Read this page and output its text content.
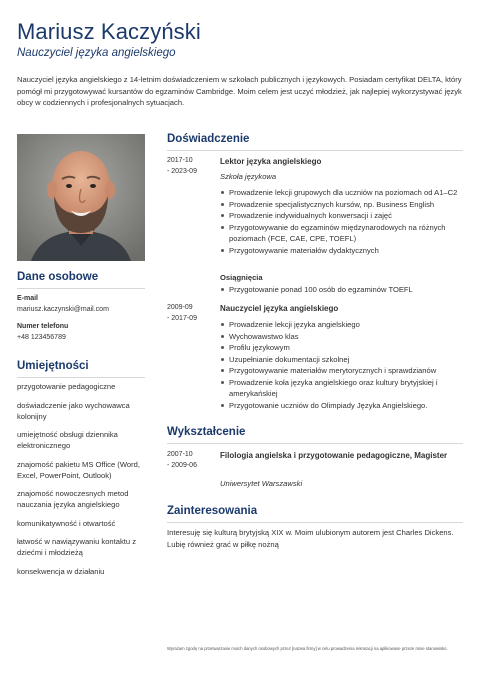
Mariusz Kaczyński
Nauczyciel języka angielskiego

Nauczyciel języka angielskiego z 14-letnim doświadczeniem w szkołach publicznych i językowych. Posiadam certyfikat DELTA, który pomógł mi przygotowywać kursantów do egzaminów Cambridge. Moim celem jest uczyć młodzież, jak najlepiej wykorzystywać język obcy w codziennych i profesjonalnych sytuacjach.

Dane osobowe
E-mail
mariusz.kaczynski@mail.com
Numer telefonu
+48 123456789
Umiejętności
przygotowanie pedagogiczne
doświadczenie jako wychowawca kolonijny
umiejętność obsługi dziennika elektronicznego
znajomość pakietu MS Office (Word, Excel, PowerPoint, Outlook)
znajomość nowoczesnych metod nauczania języka angielskiego
komunikatywność i otwartość
łatwość w nawiązywaniu kontaktu z dziećmi i młodzieżą
konsekwencja w działaniu
Doświadczenie
2017-10
- 2023-09
Lektor języka angielskiego
Szkoła językowa
Prowadzenie lekcji grupowych dla uczniów na poziomach od A1–C2
Prowadzenie specjalistycznych kursów, np. Business English
Prowadzenie indywidualnych konwersacji i zajęć
Przygotowywanie do egzaminów międzynarodowych na różnych poziomach (FCE, CAE, CPE, TOEFL)
Przygotowywanie materiałów dydaktycznych
Osiągnięcia
Przygotowanie ponad 100 osób do egzaminów TOEFL
2009-09
- 2017-09
Nauczyciel języka angielskiego
Prowadzenie lekcji języka angielskiego
Wychowawstwo klas
Profilu językowym
Uzupełnianie dokumentacji szkolnej
Przygotowywanie materiałów merytorycznych i sprawdzianów
Prowadzenie koła języka angielskiego oraz kultury brytyjskiej i amerykańskiej
Przygotowanie uczniów do Olimpiady Języka Angielskiego.
Wykształcenie
2007-10
- 2009-06
Filologia angielska i przygotowanie pedagogiczne, Magister
Uniwersytet Warszawski
Zainteresowania

Interesuję się kulturą brytyjską XIX w. Moim ulubionym autorem jest Charles Dickens. Lubię również grać w piłkę nożną

Wyrażam zgodę na przetwarzanie moich danych osobowych przez [nazwa firmy] w celu prowadzenia rekrutacji na aplikowane przeze mnie stanowisko.
